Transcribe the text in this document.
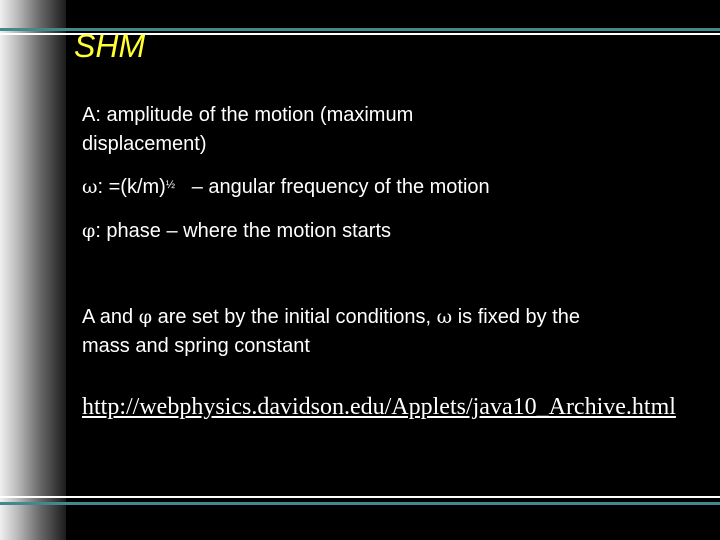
SHM
A: amplitude of the motion (maximum displacement)
ω: $=(k/m)^{\frac{1}{2}}$ – angular frequency of the motion
φ: phase – where the motion starts
A and φ are set by the initial conditions, ω is fixed by the mass and spring constant
http://webphysics.davidson.edu/Applets/java10_Archive.html
